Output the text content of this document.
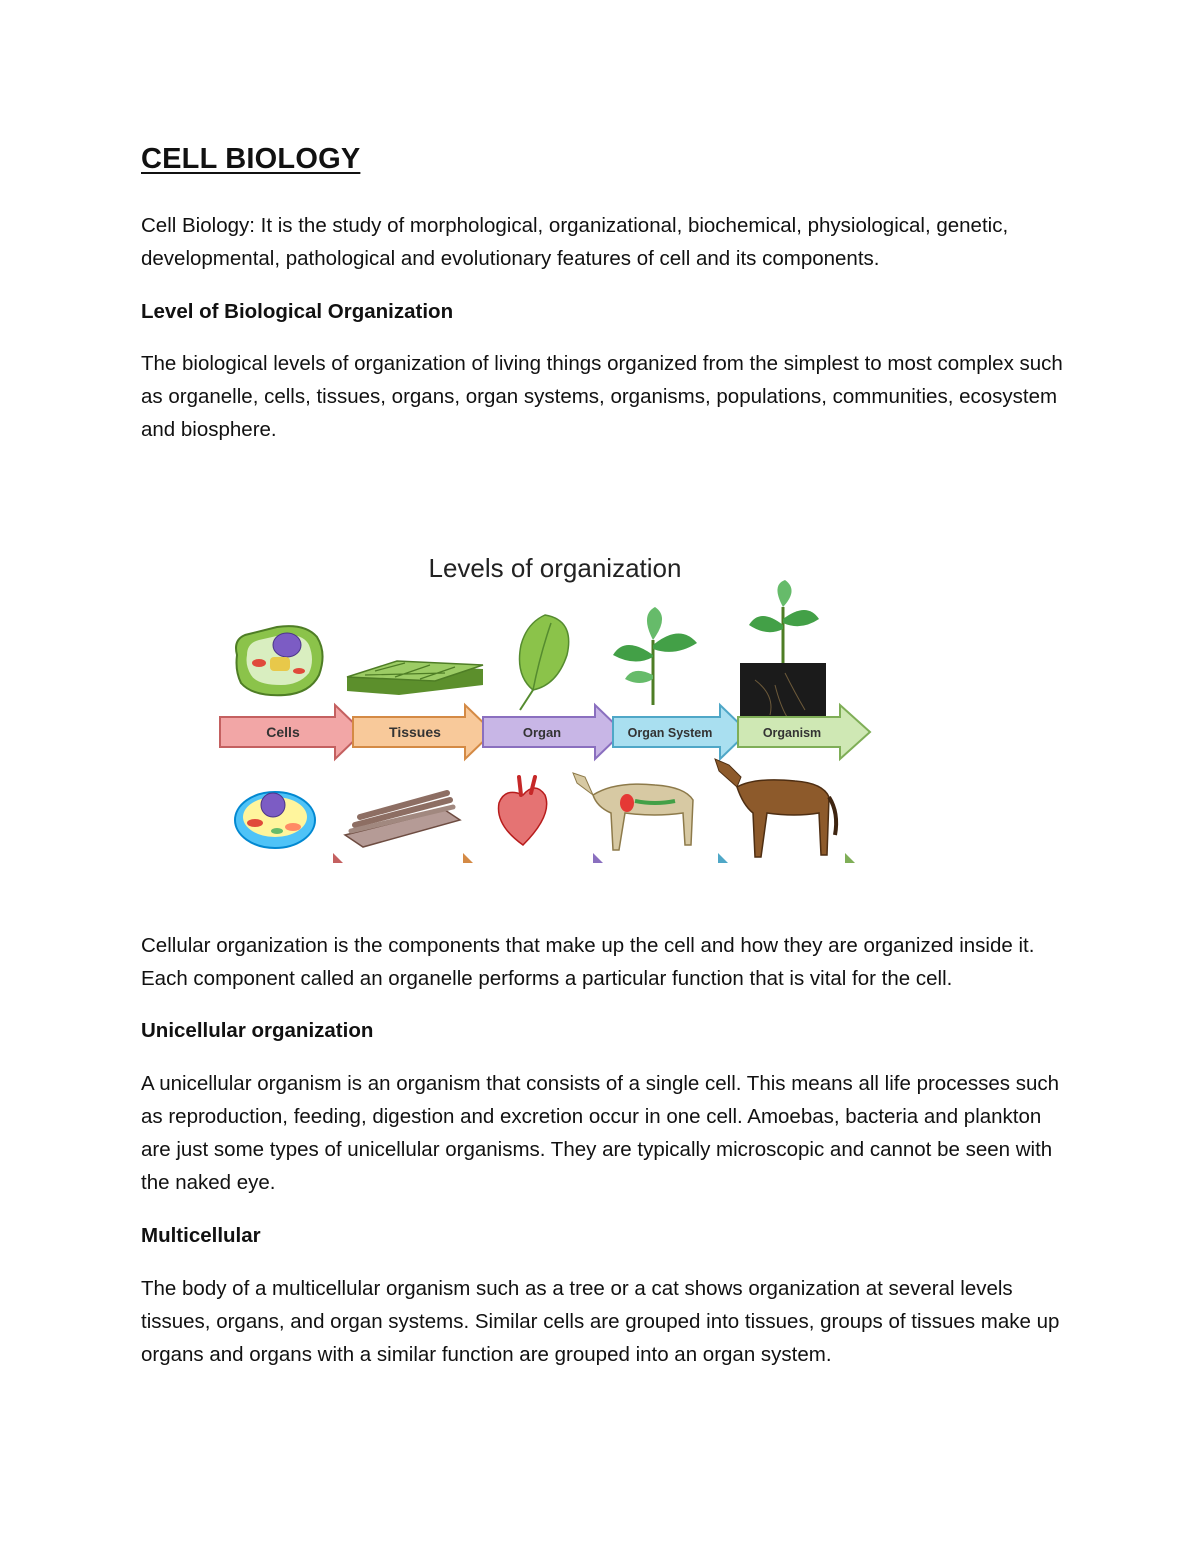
CELL BIOLOGY

Cell Biology: It is the study of morphological, organizational, biochemical, physiological, genetic, developmental, pathological and evolutionary features of cell and its components.

Level of Biological Organization

The biological levels of organization of living things organized from the simplest to most complex such as organelle, cells, tissues, organs, organ systems, organisms, populations, communities, ecosystem and biosphere.

Levels of organization
Cells	Tissues	Organ	Organ System	Organism

Cellular organization is the components that make up the cell and how they are organized inside it. Each component called an organelle performs a particular function that is vital for the cell.

Unicellular organization

A unicellular organism is an organism that consists of a single cell. This means all life processes such as reproduction, feeding, digestion and excretion occur in one cell. Amoebas, bacteria and plankton are just some types of unicellular organisms. They are typically microscopic and cannot be seen with the naked eye.

Multicellular

The body of a multicellular organism such as a tree or a cat shows organization at several levels tissues, organs, and organ systems. Similar cells are grouped into tissues, groups of tissues make up organs and organs with a similar function are grouped into an organ system.
